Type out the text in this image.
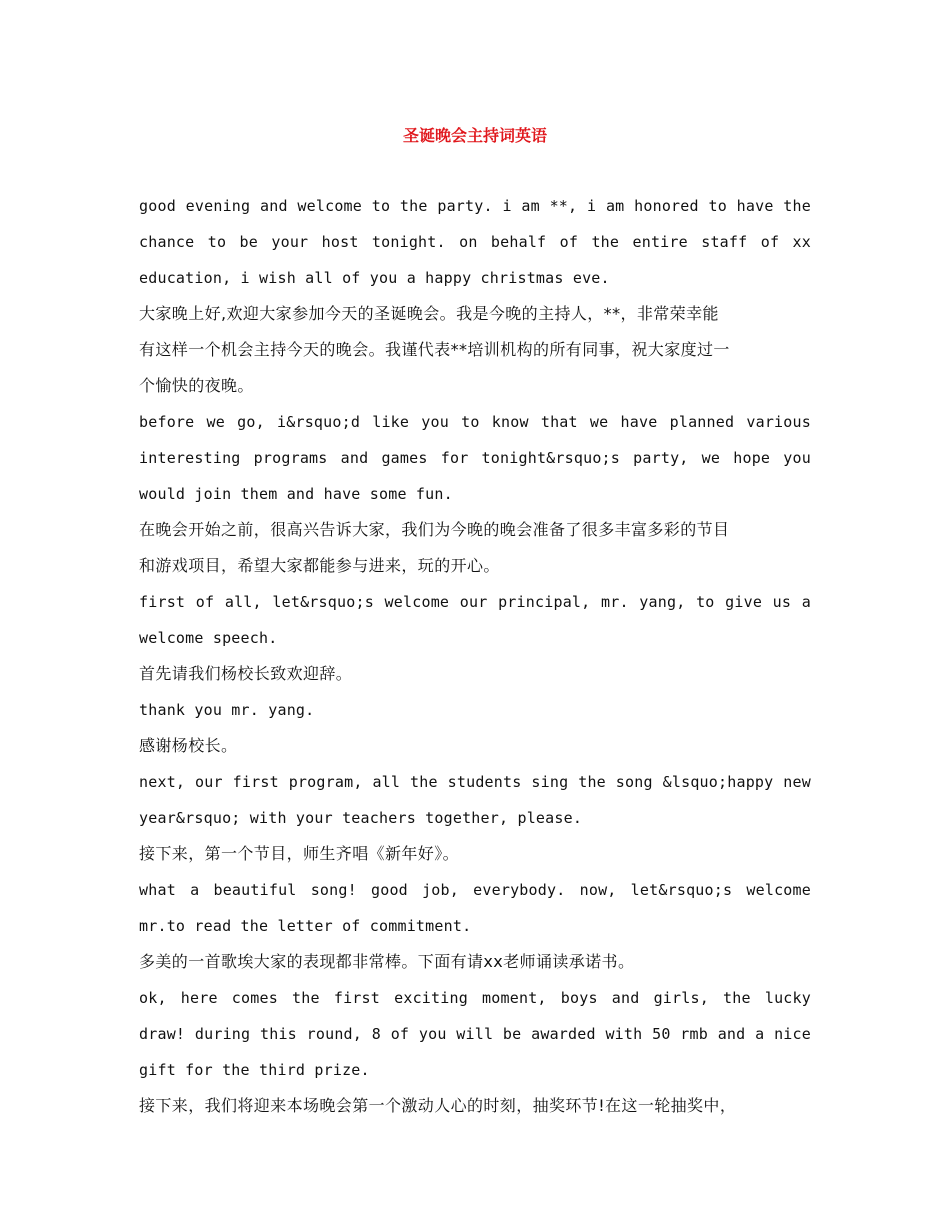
圣诞晚会主持词英语

good evening and welcome to the party. i am **, i am honored to have the chance to be your host tonight. on behalf of the entire staff of xx education, i wish all of you a happy christmas eve.

大家晚上好,欢迎大家参加今天的圣诞晚会。我是今晚的主持人，**，非常荣幸能

有这样一个机会主持今天的晚会。我谨代表**培训机构的所有同事，祝大家度过一

个愉快的夜晚。

before we go, i&rsquo;d like you to know that we have planned various interesting programs and games for tonight&rsquo;s party, we hope you would join them and have some fun.

在晚会开始之前，很高兴告诉大家，我们为今晚的晚会准备了很多丰富多彩的节目

和游戏项目，希望大家都能参与进来，玩的开心。

first of all, let&rsquo;s welcome our principal, mr. yang, to give us a welcome speech.

首先请我们杨校长致欢迎辞。

thank you mr. yang.

感谢杨校长。

next, our first program, all the students sing the song &lsquo;happy new year&rsquo; with your teachers together, please.

接下来，第一个节目，师生齐唱《新年好》。

what a beautiful song! good job, everybody. now, let&rsquo;s welcome mr.to read the letter of commitment.

多美的一首歌埃大家的表现都非常棒。下面有请xx老师诵读承诺书。

ok, here comes the first exciting moment, boys and girls, the lucky draw! during this round, 8 of you will be awarded with 50 rmb and a nice gift for the third prize.

接下来，我们将迎来本场晚会第一个激动人心的时刻，抽奖环节!在这一轮抽奖中，
